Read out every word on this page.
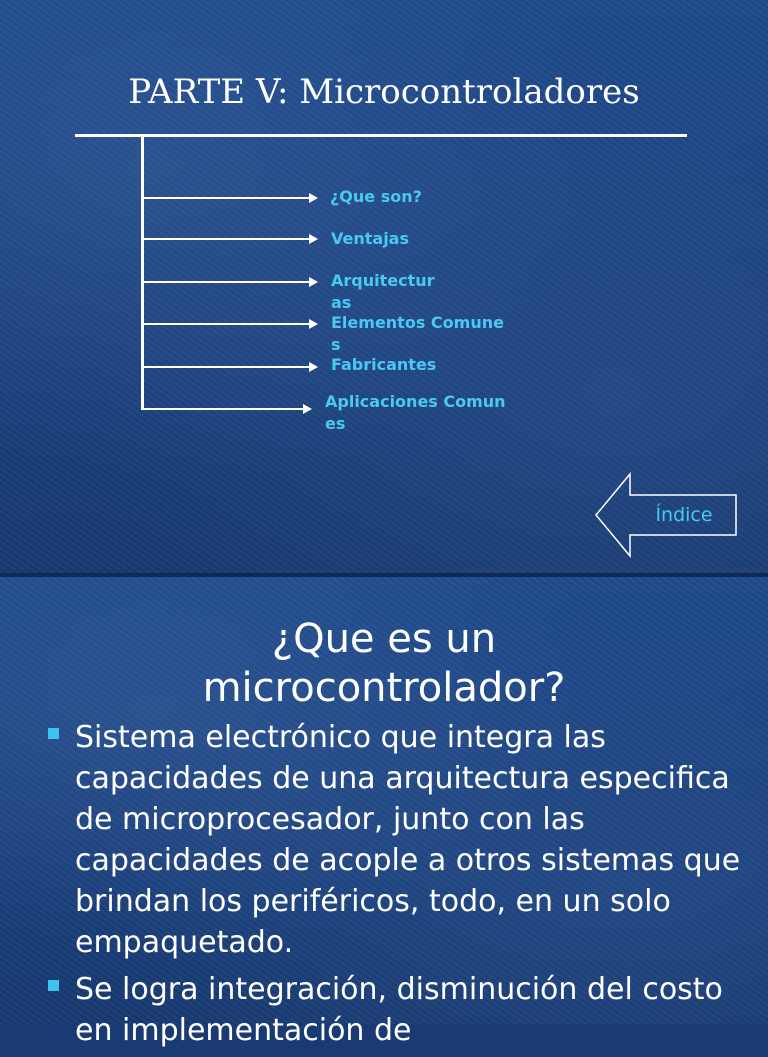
PARTE V: Microcontroladores
¿Que son?
Ventajas
Arquitectur
as
Elementos Comune
s
Fabricantes
Aplicaciones Comun
es
Índice
¿Que es un
microcontrolador?
Sistema electrónico que integra las capacidades de una arquitectura especifica de microprocesador, junto con las capacidades de acople a otros sistemas que brindan los periféricos, todo, en un solo empaquetado.
Se logra integración, disminución del costo en implementación de
